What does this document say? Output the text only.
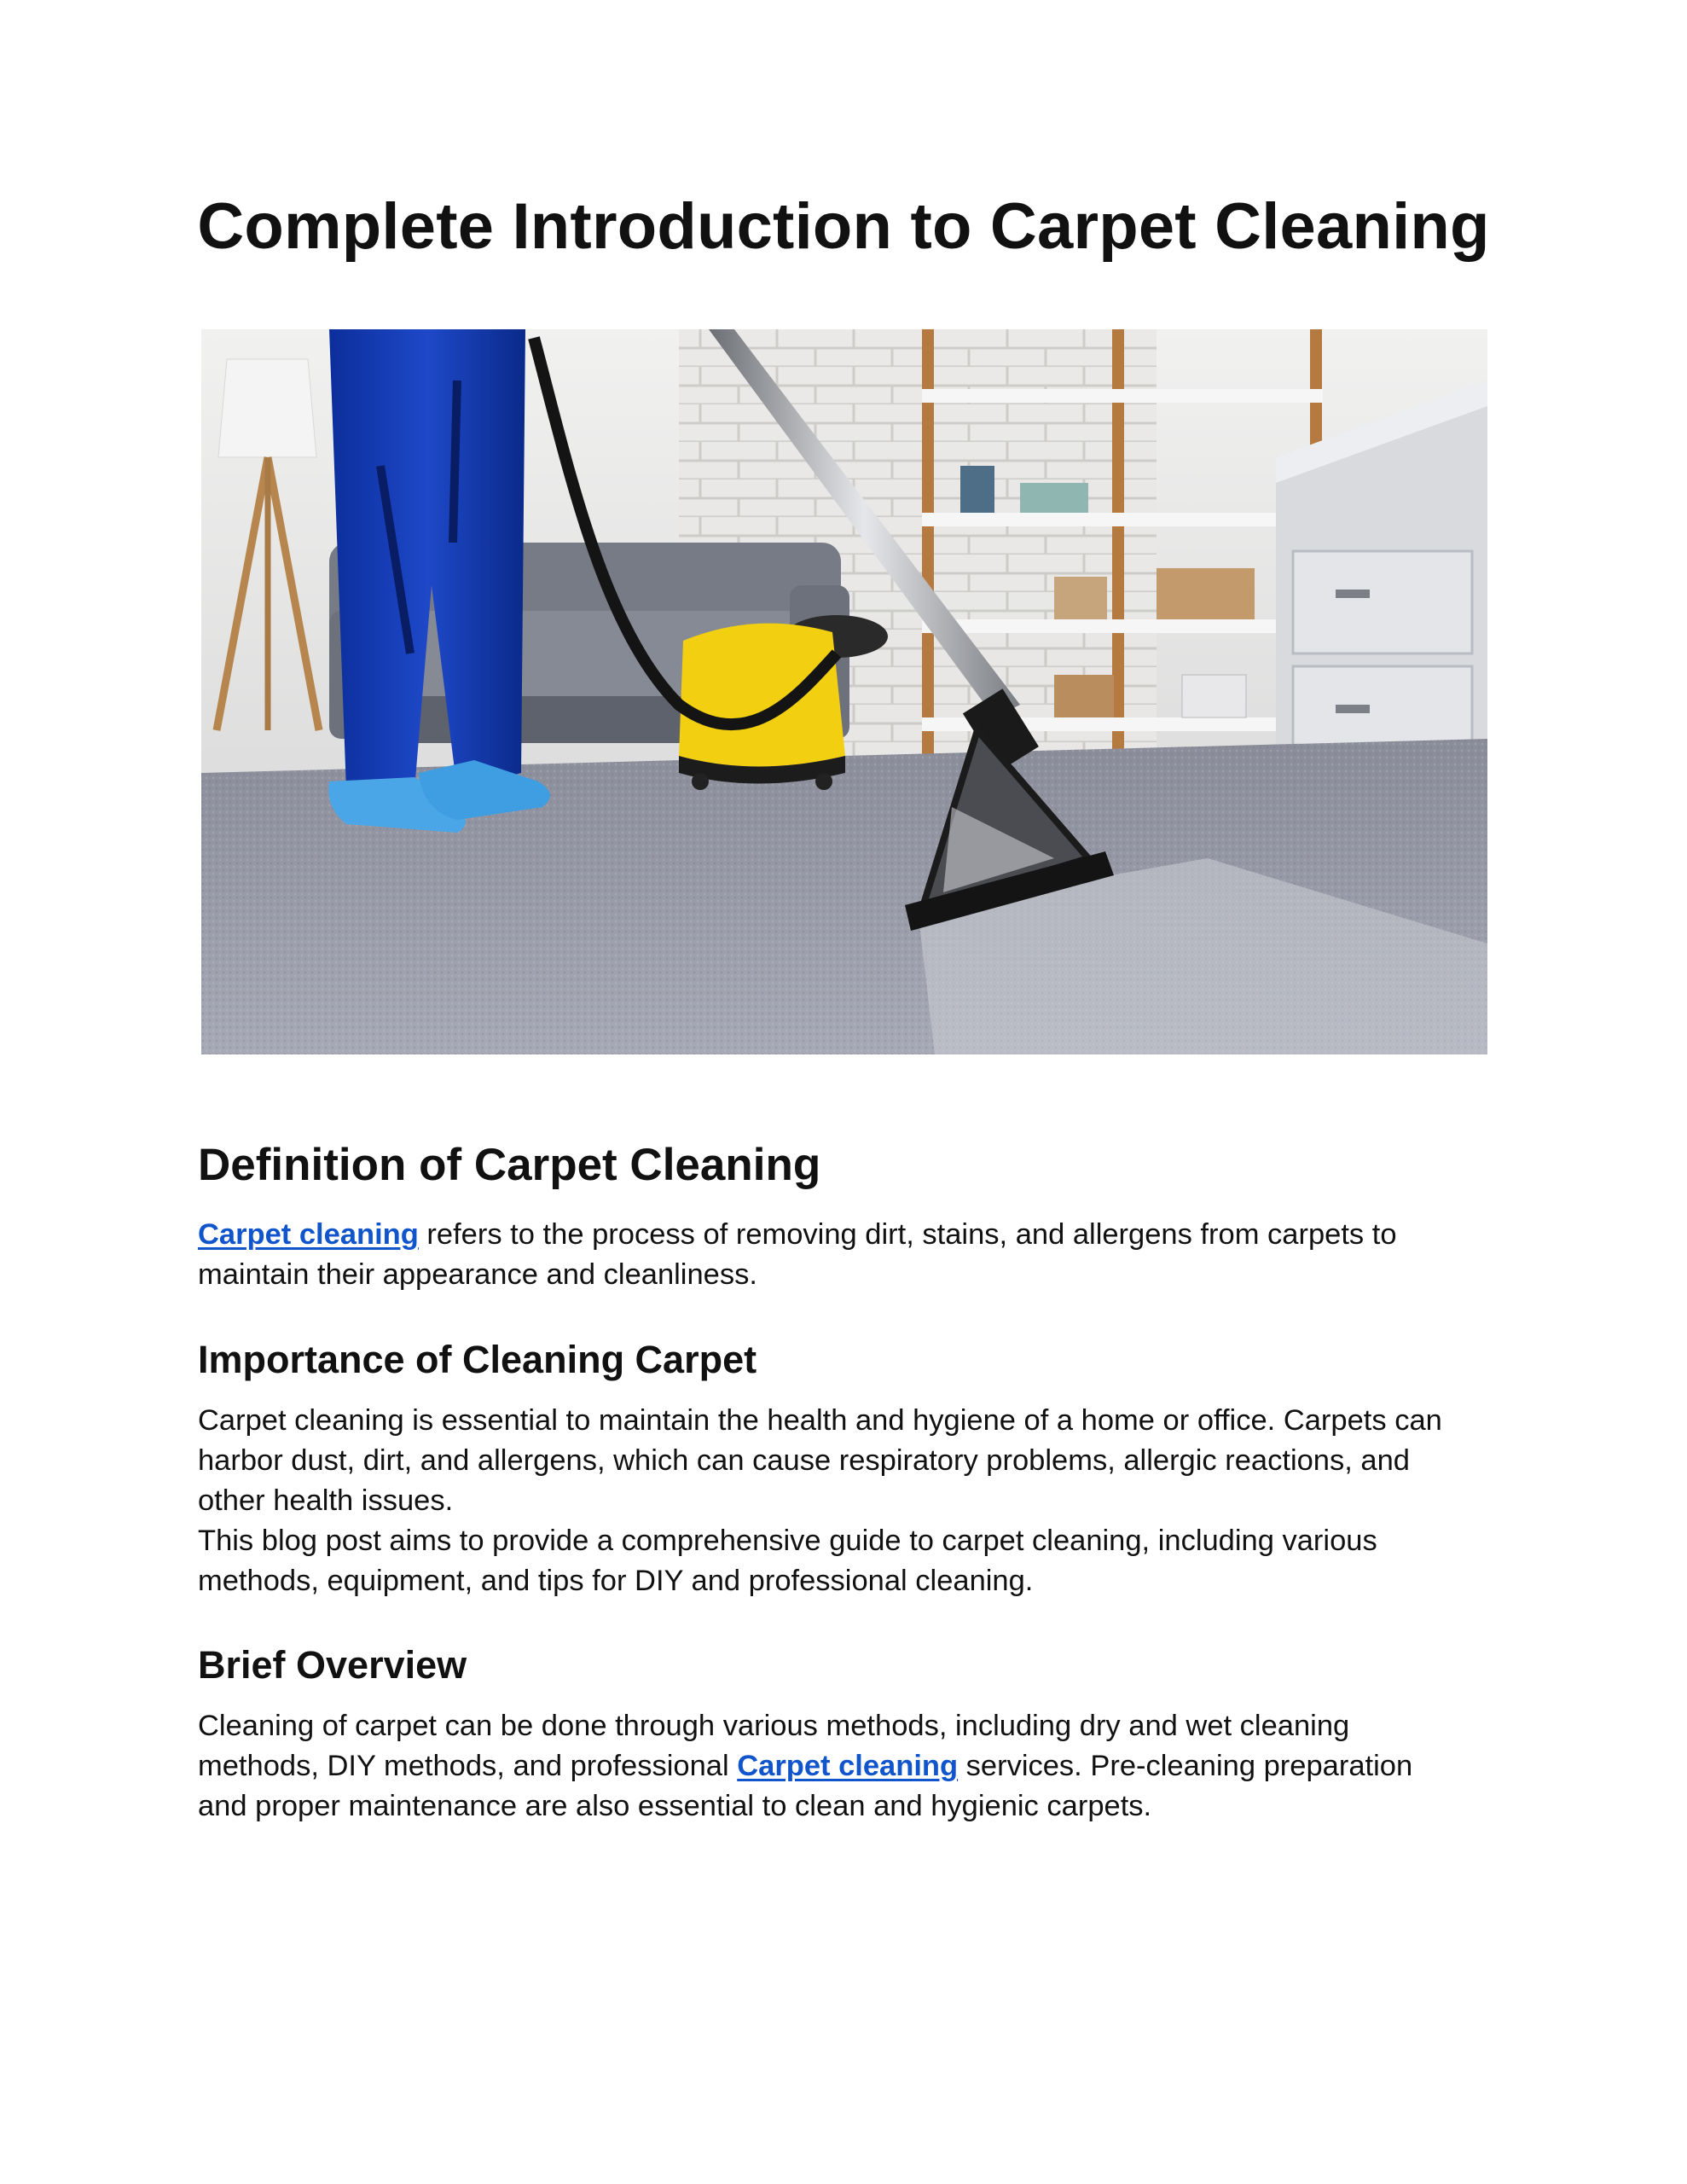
Complete Introduction to Carpet Cleaning
Definition of Carpet Cleaning

Carpet cleaning refers to the process of removing dirt, stains, and allergens from carpets to
maintain their appearance and cleanliness.

Importance of Cleaning Carpet

Carpet cleaning is essential to maintain the health and hygiene of a home or office. Carpets can
harbor dust, dirt, and allergens, which can cause respiratory problems, allergic reactions, and
other health issues.
This blog post aims to provide a comprehensive guide to carpet cleaning, including various
methods, equipment, and tips for DIY and professional cleaning.

Brief Overview

Cleaning of carpet can be done through various methods, including dry and wet cleaning
methods, DIY methods, and professional Carpet cleaning services. Pre-cleaning preparation
and proper maintenance are also essential to clean and hygienic carpets.
